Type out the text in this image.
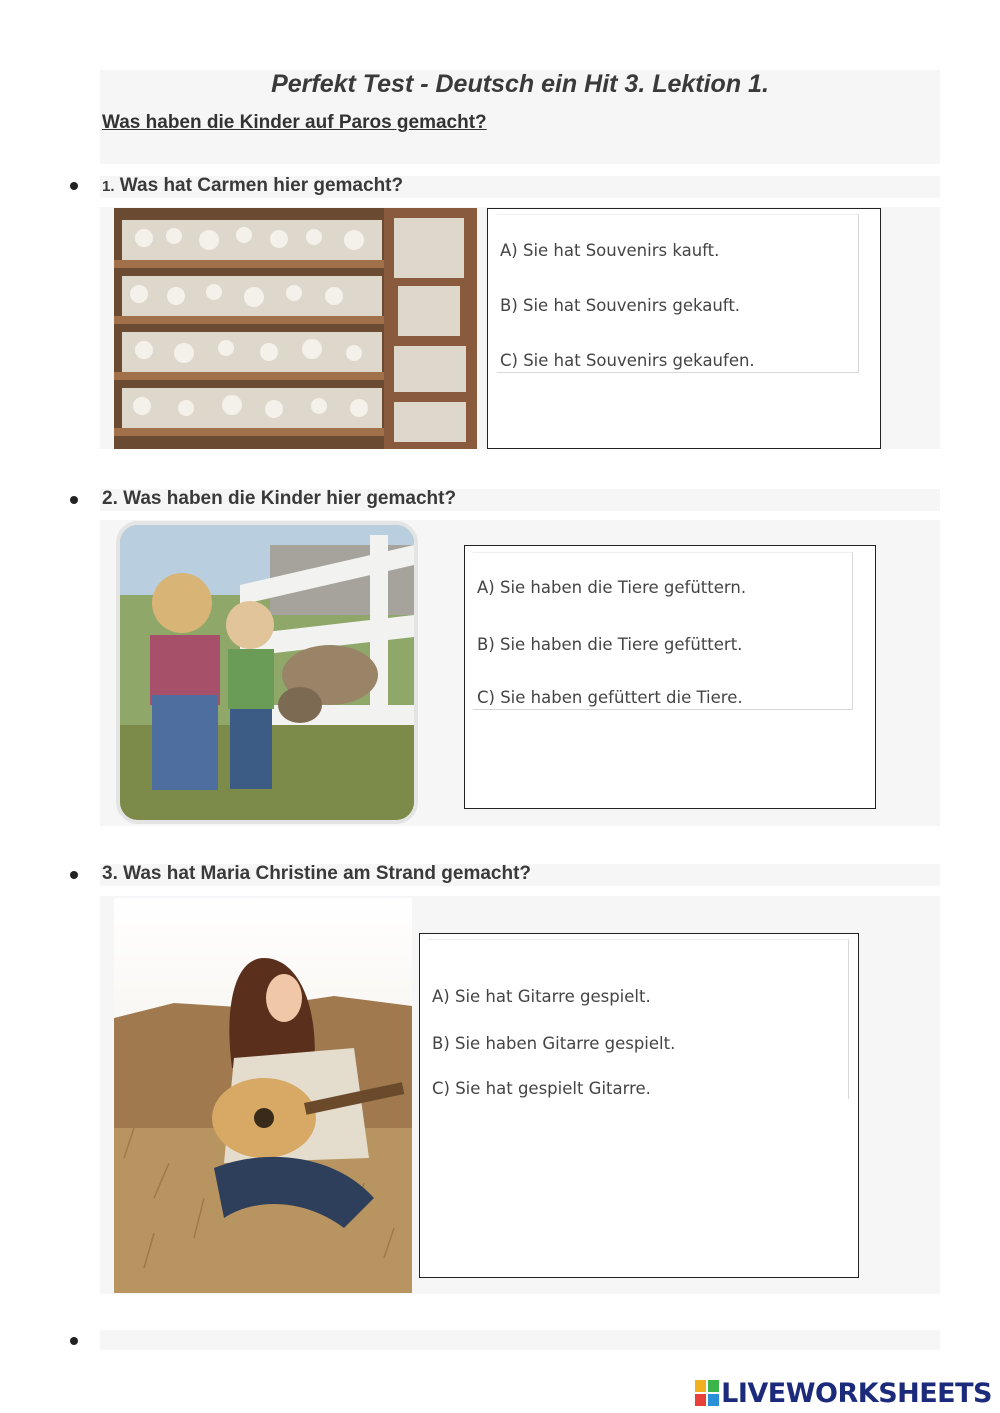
Perfekt Test - Deutsch ein Hit 3. Lektion 1.
Was haben die Kinder auf Paros gemacht?
1. Was hat Carmen hier gemacht?
A) Sie hat Souvenirs kauft.
B) Sie hat Souvenirs gekauft.
C) Sie hat Souvenirs gekaufen.
2. Was haben die Kinder hier gemacht?
A) Sie haben die Tiere gefüttern.
B) Sie haben die Tiere gefüttert.
C) Sie haben gefüttert die Tiere.
3. Was hat Maria Christine am Strand gemacht?
A) Sie hat Gitarre gespielt.
B) Sie haben Gitarre gespielt.
C) Sie hat gespielt Gitarre.
LIVEWORKSHEETS
